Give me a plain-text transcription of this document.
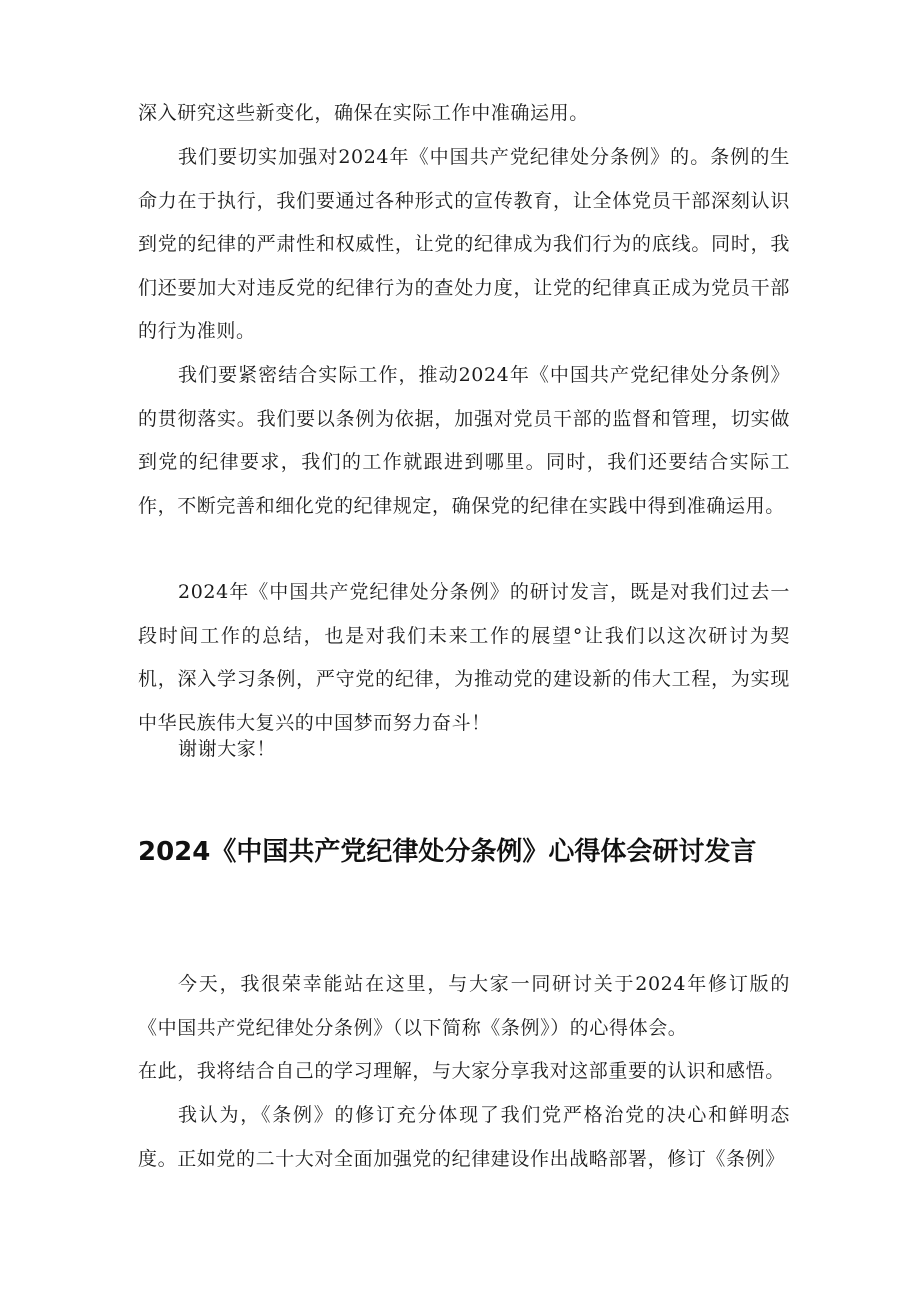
深入研究这些新变化，确保在实际工作中准确运用。

我们要切实加强对2024年《中国共产党纪律处分条例》的。条例的生命力在于执行，我们要通过各种形式的宣传教育，让全体党员干部深刻认识到党的纪律的严肃性和权威性，让党的纪律成为我们行为的底线。同时，我们还要加大对违反党的纪律行为的查处力度，让党的纪律真正成为党员干部的行为准则。

我们要紧密结合实际工作，推动2024年《中国共产党纪律处分条例》的贯彻落实。我们要以条例为依据，加强对党员干部的监督和管理，切实做到党的纪律要求，我们的工作就跟进到哪里。同时，我们还要结合实际工作，不断完善和细化党的纪律规定，确保党的纪律在实践中得到准确运用。

2024年《中国共产党纪律处分条例》的研讨发言，既是对我们过去一段时间工作的总结，也是对我们未来工作的展望°让我们以这次研讨为契机，深入学习条例，严守党的纪律，为推动党的建设新的伟大工程，为实现中华民族伟大复兴的中国梦而努力奋斗！

谢谢大家！

2024《中国共产党纪律处分条例》心得体会研讨发言

今天，我很荣幸能站在这里，与大家一同研讨关于2024年修订版的《中国共产党纪律处分条例》（以下简称《条例》）的心得体会。

在此，我将结合自己的学习理解，与大家分享我对这部重要的认识和感悟。

我认为，《条例》的修订充分体现了我们党严格治党的决心和鲜明态度。正如党的二十大对全面加强党的纪律建设作出战略部署，修订《条例》
